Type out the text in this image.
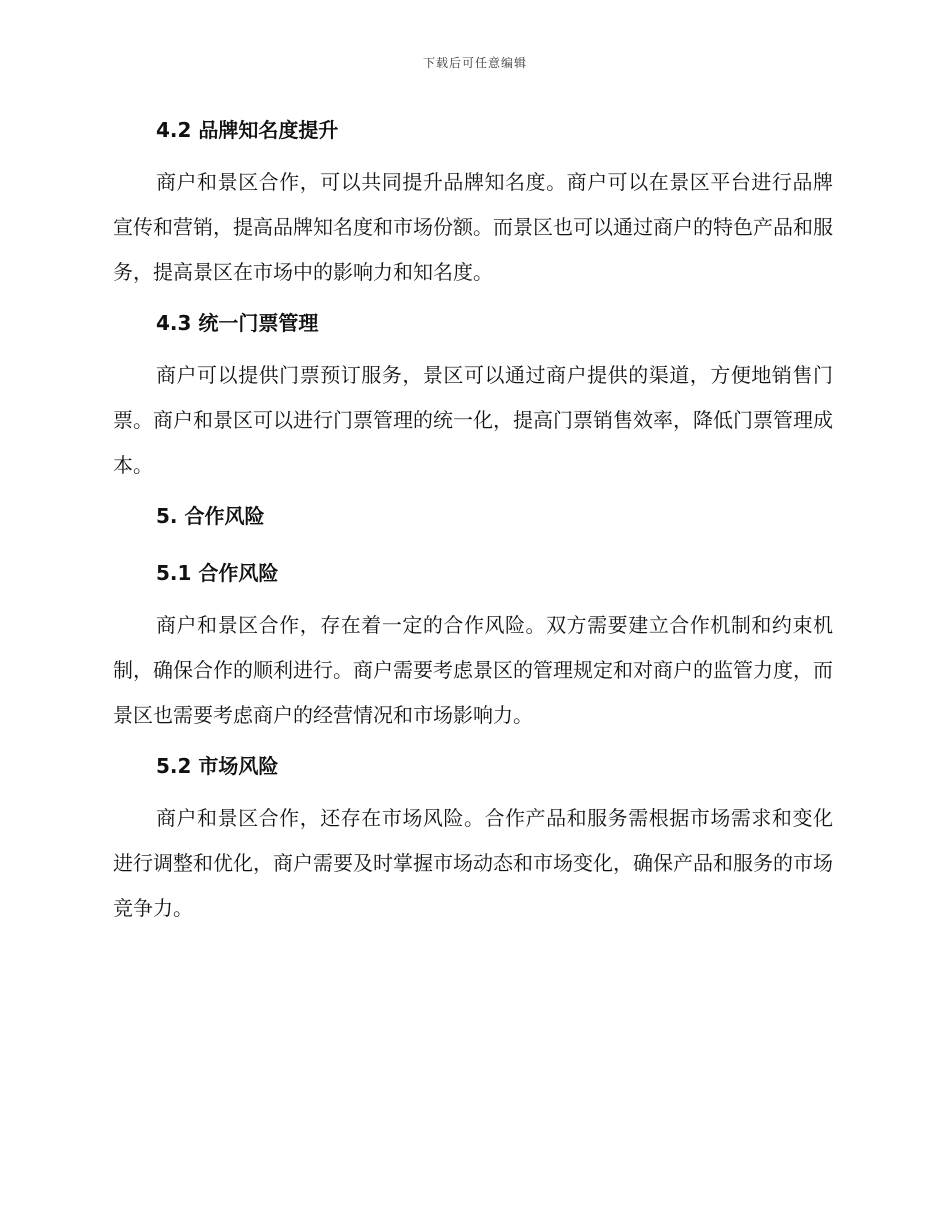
下载后可任意编辑
4.2 品牌知名度提升

商户和景区合作，可以共同提升品牌知名度。商户可以在景区平台进行品牌宣传和营销，提高品牌知名度和市场份额。而景区也可以通过商户的特色产品和服务，提高景区在市场中的影响力和知名度。

4.3 统一门票管理

商户可以提供门票预订服务，景区可以通过商户提供的渠道，方便地销售门票。商户和景区可以进行门票管理的统一化，提高门票销售效率，降低门票管理成本。

5. 合作风险
5.1 合作风险

商户和景区合作，存在着一定的合作风险。双方需要建立合作机制和约束机制，确保合作的顺利进行。商户需要考虑景区的管理规定和对商户的监管力度，而景区也需要考虑商户的经营情况和市场影响力。

5.2 市场风险

商户和景区合作，还存在市场风险。合作产品和服务需根据市场需求和变化进行调整和优化，商户需要及时掌握市场动态和市场变化，确保产品和服务的市场竞争力。
